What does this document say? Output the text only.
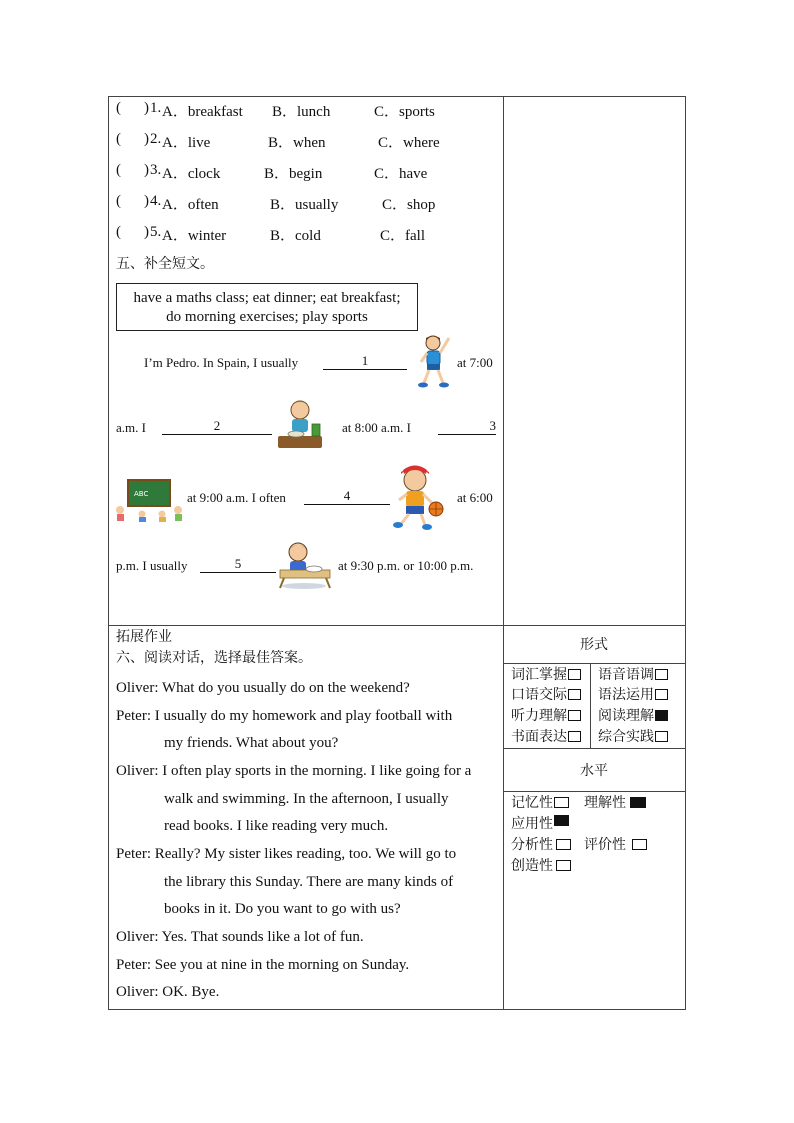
( ) 1. A．breakfast B．lunch	C．sports
( ) 2. A．live	B．when	C．where
( ) 3. A．clock	B．begin	C．have
( ) 4. A．often	B．usually	C．shop
( ) 5. A．winter	B．cold	C．fall
五、补全短文。
have a maths class; eat dinner; eat breakfast;
do morning exercises; play sports
I’m Pedro. In Spain, I usually	1	at 7:00
a.m. I	2	at 8:00 a.m. I	3
ABC	at 9:00 a.m. I often	4	at 6:00
p.m. I usually	5	at 9:30 p.m. or 10:00 p.m.
拓展作业
六、阅读对话，选择最佳答案。
Oliver: What do you usually do on the weekend?
Peter: I usually do my homework and play football with
my friends. What about you?
Oliver: I often play sports in the morning. I like going for a
walk and swimming. In the afternoon, I usually
read books. I like reading very much.
Peter: Really? My sister likes reading, too. We will go to
the library this Sunday. There are many kinds of
books in it. Do you want to go with us?
Oliver: Yes. That sounds like a lot of fun.
Peter: See you at nine in the morning on Sunday.
Oliver: OK. Bye.
形式
词汇掌握	语音语调
口语交际	语法运用
听力理解	阅读理解
书面表达	综合实践
水平
记忆性	理解性
应用性
分析性	评价性
创造性
